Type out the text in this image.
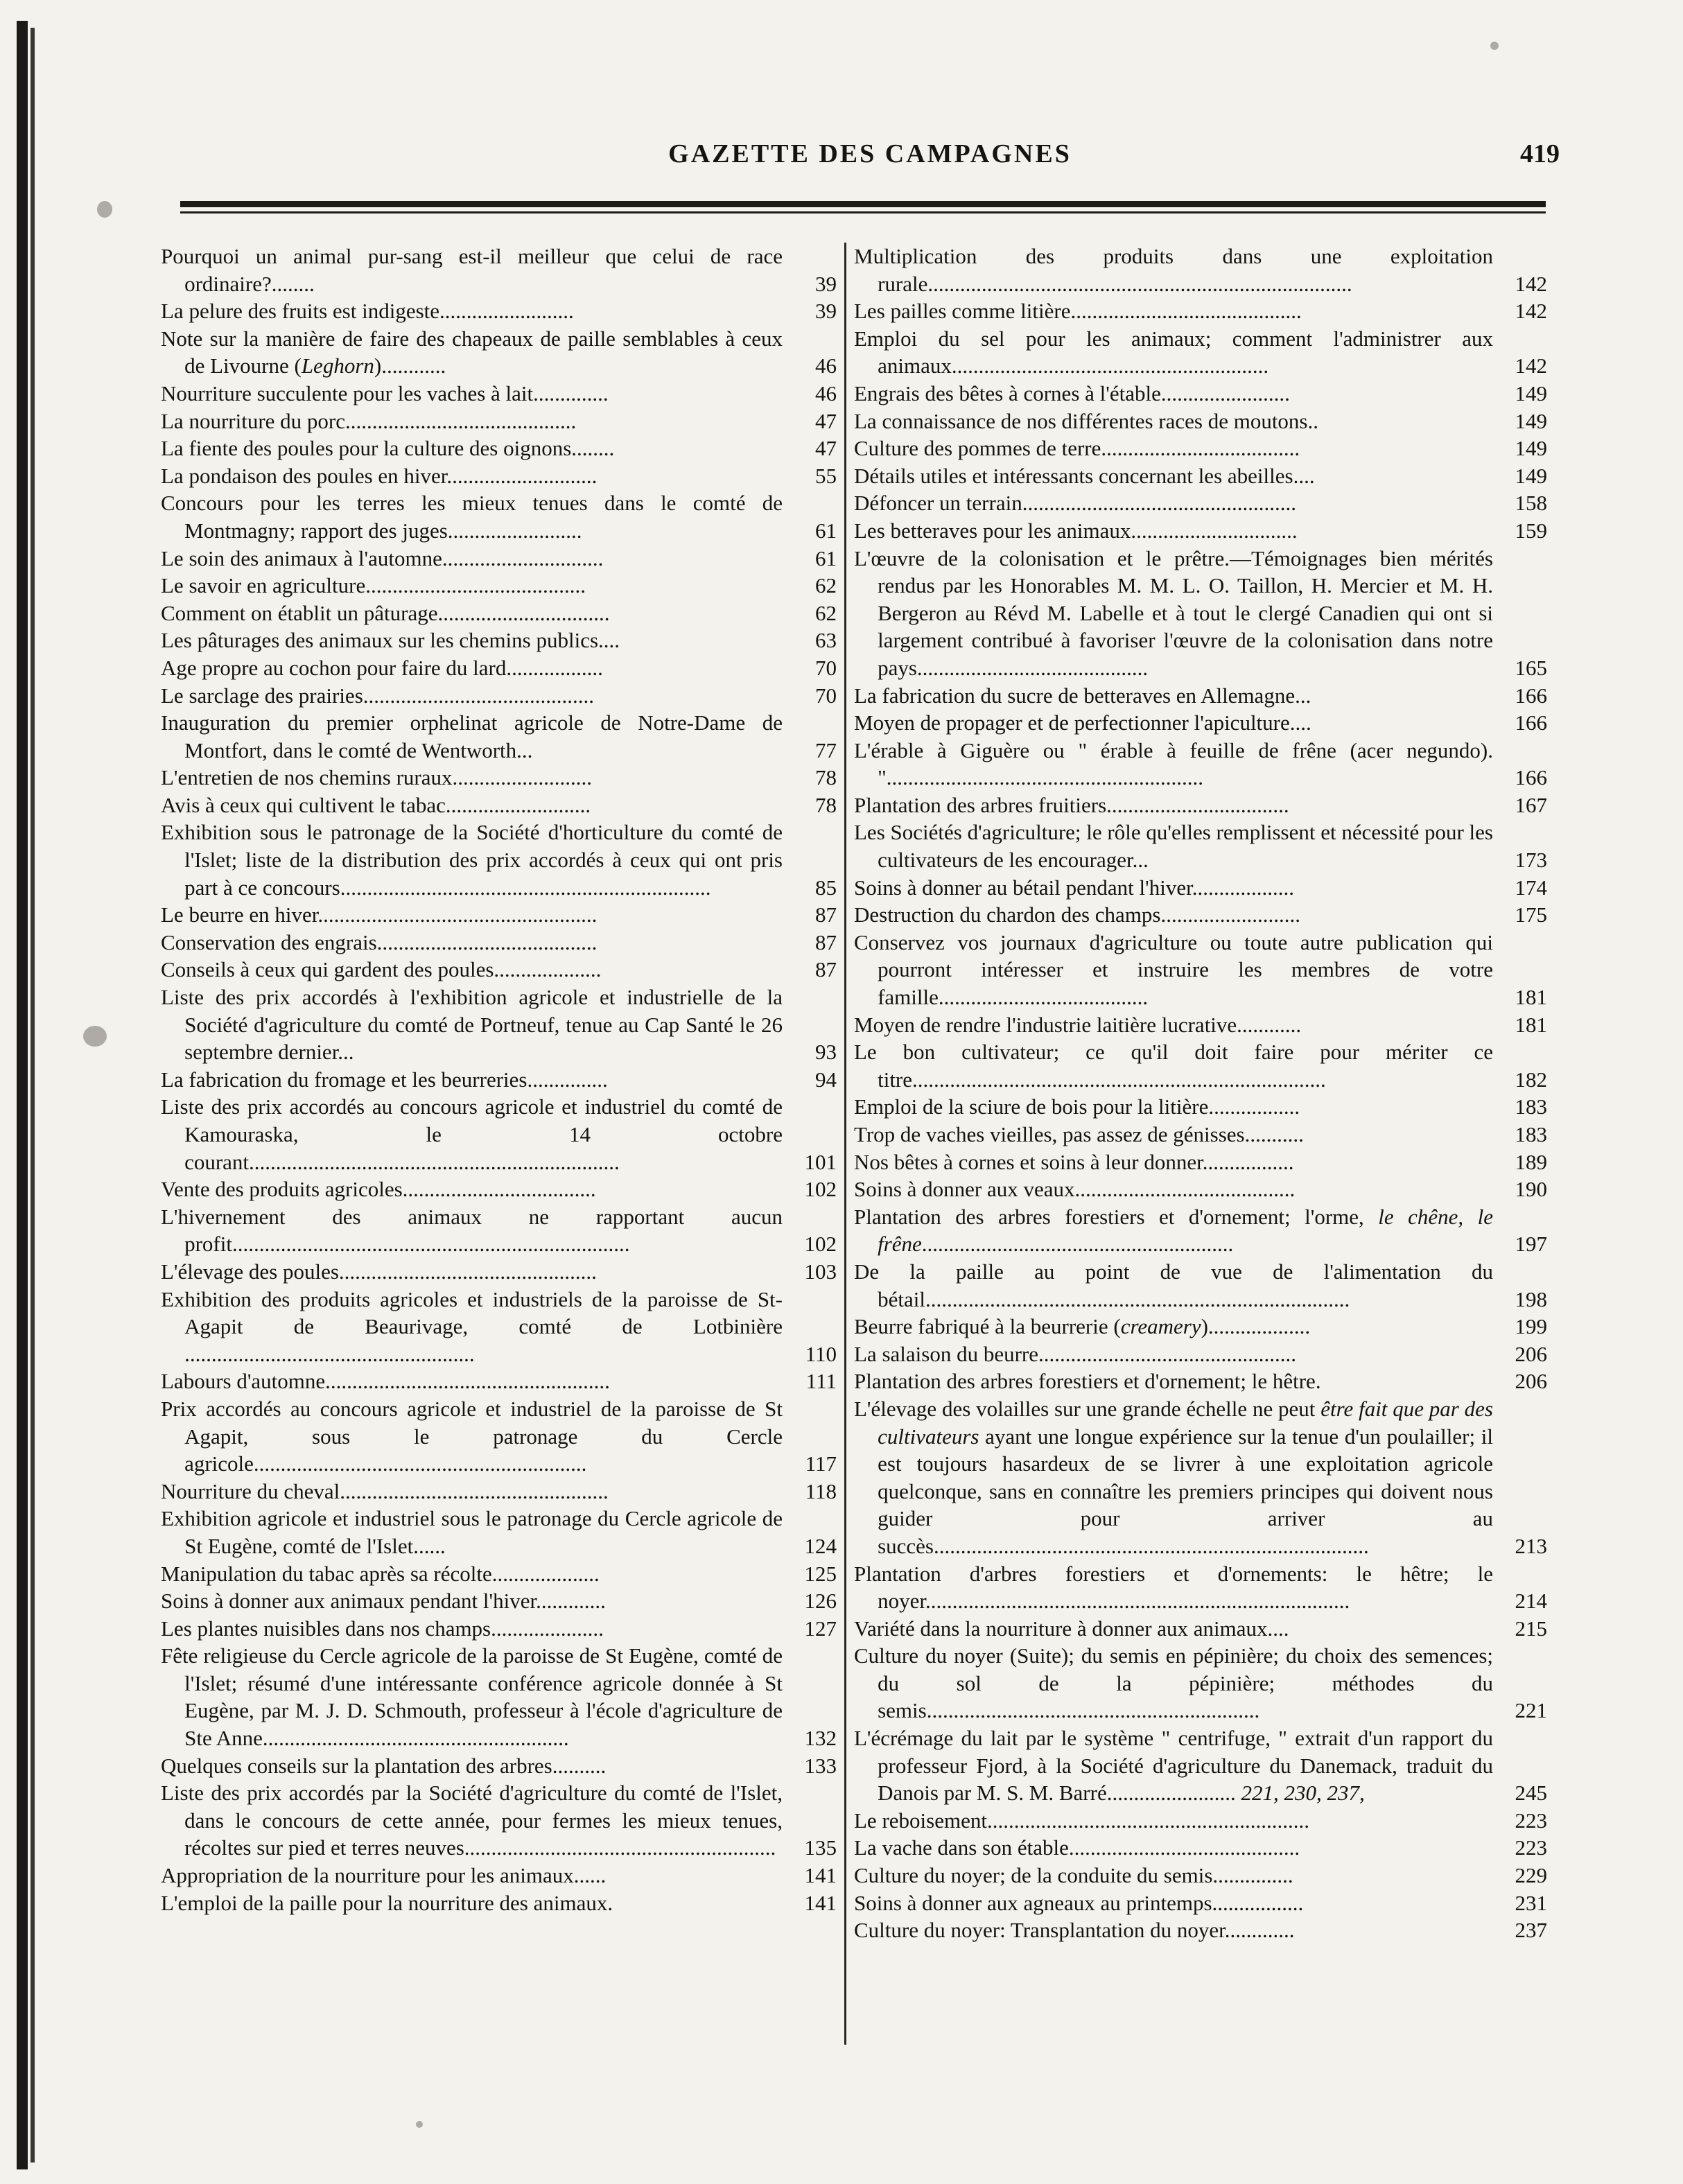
GAZETTE DES CAMPAGNES	419
Pourquoi un animal pur-sang est-il meilleur que celui de race ordinaire?........	39
La pelure des fruits est indigeste.........................	39
Note sur la manière de faire des chapeaux de paille semblables à ceux de Livourne (Leghorn)............	46
Nourriture succulente pour les vaches à lait..............	46
La nourriture du porc...........................................	47
La fiente des poules pour la culture des oignons........	47
La pondaison des poules en hiver............................	55
Concours pour les terres les mieux tenues dans le comté de Montmagny; rapport des juges.........................	61
Le soin des animaux à l'automne..............................	61
Le savoir en agriculture.........................................	62
Comment on établit un pâturage................................	62
Les pâturages des animaux sur les chemins publics....	63
Age propre au cochon pour faire du lard..................	70
Le sarclage des prairies...........................................	70
Inauguration du premier orphelinat agricole de Notre-Dame de Montfort, dans le comté de Wentworth...	77
L'entretien de nos chemins ruraux..........................	78
Avis à ceux qui cultivent le tabac...........................	78
Exhibition sous le patronage de la Société d'horticulture du comté de l'Islet; liste de la distribution des prix accordés à ceux qui ont pris part à ce concours.....................................................................	85
Le beurre en hiver....................................................	87
Conservation des engrais.........................................	87
Conseils à ceux qui gardent des poules....................	87
Liste des prix accordés à l'exhibition agricole et industrielle de la Société d'agriculture du comté de Portneuf, tenue au Cap Santé le 26 septembre dernier...	93
La fabrication du fromage et les beurreries...............	94
Liste des prix accordés au concours agricole et industriel du comté de Kamouraska, le 14 octobre courant.....................................................................	101
Vente des produits agricoles....................................	102
L'hivernement des animaux ne rapportant aucun profit..........................................................................	102
L'élevage des poules................................................	103
Exhibition des produits agricoles et industriels de la paroisse de St-Agapit de Beaurivage, comté de Lotbinière ......................................................	110
Labours d'automne.....................................................	111
Prix accordés au concours agricole et industriel de la paroisse de St Agapit, sous le patronage du Cercle agricole..............................................................	117
Nourriture du cheval..................................................	118
Exhibition agricole et industriel sous le patronage du Cercle agricole de St Eugène, comté de l'Islet......	124
Manipulation du tabac après sa récolte....................	125
Soins à donner aux animaux pendant l'hiver.............	126
Les plantes nuisibles dans nos champs.....................	127
Fête religieuse du Cercle agricole de la paroisse de St Eugène, comté de l'Islet; résumé d'une intéressante conférence agricole donnée à St Eugène, par M. J. D. Schmouth, professeur à l'école d'agriculture de Ste Anne.........................................................	132
Quelques conseils sur la plantation des arbres..........	133
Liste des prix accordés par la Société d'agriculture du comté de l'Islet, dans le concours de cette année, pour fermes les mieux tenues, récoltes sur pied et terres neuves..........................................................	135
Appropriation de la nourriture pour les animaux......	141
L'emploi de la paille pour la nourriture des animaux.	141
Multiplication des produits dans une exploitation rurale...............................................................................	142
Les pailles comme litière...........................................	142
Emploi du sel pour les animaux; comment l'administrer aux animaux...........................................................	142
Engrais des bêtes à cornes à l'étable........................	149
La connaissance de nos différentes races de moutons..	149
Culture des pommes de terre.....................................	149
Détails utiles et intéressants concernant les abeilles....	149
Défoncer un terrain...................................................	158
Les betteraves pour les animaux...............................	159
L'œuvre de la colonisation et le prêtre.—Témoignages bien mérités rendus par les Honorables M. M. L. O. Taillon, H. Mercier et M. H. Bergeron au Révd M. Labelle et à tout le clergé Canadien qui ont si largement contribué à favoriser l'œuvre de la colonisation dans notre pays...........................................	165
La fabrication du sucre de betteraves en Allemagne...	166
Moyen de propager et de perfectionner l'apiculture....	166
L'érable à Giguère ou " érable à feuille de frêne (acer negundo). "...........................................................	166
Plantation des arbres fruitiers..................................	167
Les Sociétés d'agriculture; le rôle qu'elles remplissent et nécessité pour les cultivateurs de les encourager...	173
Soins à donner au bétail pendant l'hiver...................	174
Destruction du chardon des champs..........................	175
Conservez vos journaux d'agriculture ou toute autre publication qui pourront intéresser et instruire les membres de votre famille.......................................	181
Moyen de rendre l'industrie laitière lucrative............	181
Le bon cultivateur; ce qu'il doit faire pour mériter ce titre.............................................................................	182
Emploi de la sciure de bois pour la litière.................	183
Trop de vaches vieilles, pas assez de génisses...........	183
Nos bêtes à cornes et soins à leur donner.................	189
Soins à donner aux veaux.........................................	190
Plantation des arbres forestiers et d'ornement; l'orme, le chêne, le frêne..........................................................	197
De la paille au point de vue de l'alimentation du bétail...............................................................................	198
Beurre fabriqué à la beurrerie (creamery)...................	199
La salaison du beurre................................................	206
Plantation des arbres forestiers et d'ornement; le hêtre.	206
L'élevage des volailles sur une grande échelle ne peut être fait que par des cultivateurs ayant une longue expérience sur la tenue d'un poulailler; il est toujours hasardeux de se livrer à une exploitation agricole quelconque, sans en connaître les premiers principes qui doivent nous guider pour arriver au succès.................................................................................	213
Plantation d'arbres forestiers et d'ornements: le hêtre; le noyer...............................................................................	214
Variété dans la nourriture à donner aux animaux....	215
Culture du noyer (Suite); du semis en pépinière; du choix des semences; du sol de la pépinière; méthodes du semis..............................................................	221
L'écrémage du lait par le système " centrifuge, " extrait d'un rapport du professeur Fjord, à la Société d'agriculture du Danemack, traduit du Danois par M. S. M. Barré........................ 221, 230, 237,	245
Le reboisement............................................................	223
La vache dans son étable...........................................	223
Culture du noyer; de la conduite du semis...............	229
Soins à donner aux agneaux au printemps.................	231
Culture du noyer: Transplantation du noyer.............	237
